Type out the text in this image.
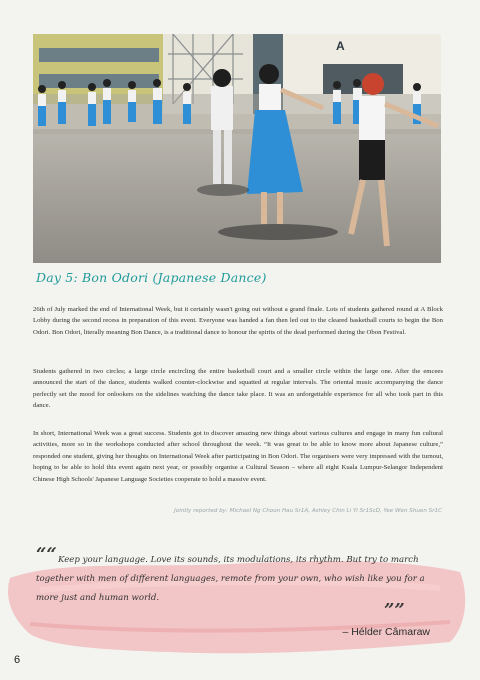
A
Day 5: Bon Odori (Japanese Dance)

26th of July marked the end of International Week, but it certainly wasn't going out without a grand finale. Lots of students gathered round at A Block Lobby during the second recess in preparation of this event. Everyone was handed a fan then led out to the cleared basketball courts to begin the Bon Odori. Bon Odori, literally meaning Bon Dance, is a traditional dance to honour the spirits of the dead performed during the Obon Festival.

Students gathered in two circles; a large circle encircling the entire basketball court and a smaller circle within the large one. After the emcees announced the start of the dance, students walked counter-clockwise and squatted at regular intervals. The oriental music accompanying the dance perfectly set the mood for onlookers on the sidelines watching the dance take place. It was an unforgettable experience for all who took part in this dance.

In short, International Week was a great success. Students got to discover amazing new things about various cultures and engage in many fun cultural activities, more so in the workshops conducted after school throughout the week. “It was great to be able to know more about Japanese culture,” responded one student, giving her thoughts on International Week after participating in Bon Odori. The organisers were very impressed with the turnout, hoping to be able to hold this event again next year, or possibly organise a Cultural Season – where all eight Kuala Lumpur-Selangor Independent Chinese High Schools' Japanese Language Societies cooperate to hold a massive event.

Jointly reported by: Michael Ng Choon Hau Sr1A, Ashley Chin Li Yi Sr1ScD, Yee Wen Shuen Sr1C
““ Keep your language. Love its sounds, its modulations, its rhythm. But try to march together with men of different languages, remote from your own, who wish like you for a more just and human world.

””
– Hélder Câmaraw
6
